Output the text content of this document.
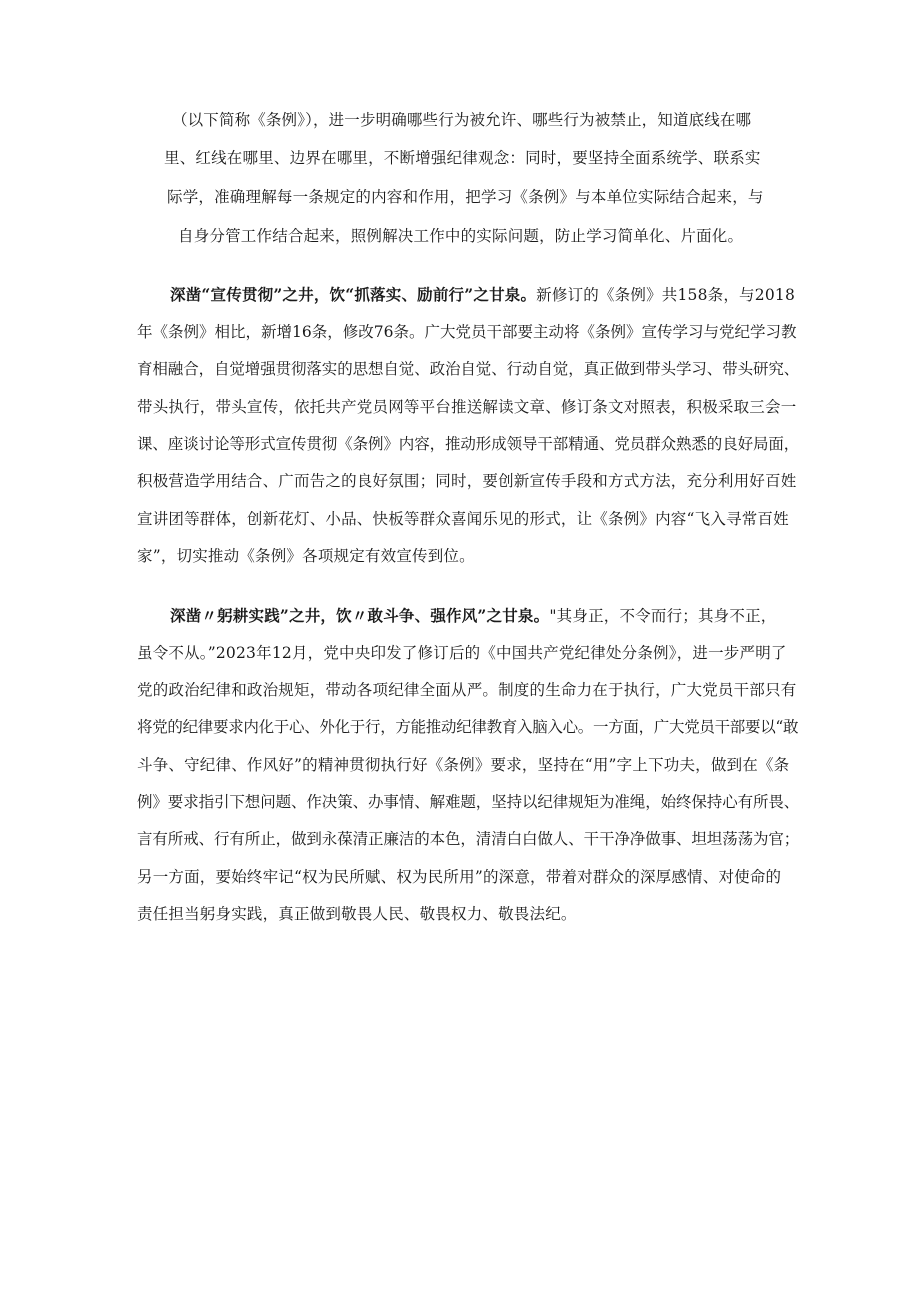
（以下简称《条例》），进一步明确哪些行为被允许、哪些行为被禁止，知道底线在哪
里、红线在哪里、边界在哪里，不断增强纪律观念：同时，要坚持全面系统学、联系实
际学，准确理解每一条规定的内容和作用，把学习《条例》与本单位实际结合起来，与
自身分管工作结合起来，照例解决工作中的实际问题，防止学习简单化、片面化。
深凿“宣传贯彻”之井，饮“抓落实、励前行”之甘泉。新修订的《条例》共158条，与2018
年《条例》相比，新增16条，修改76条。广大党员干部要主动将《条例》宣传学习与党纪学习教
育相融合，自觉增强贯彻落实的思想自觉、政治自觉、行动自觉，真正做到带头学习、带头研究、
带头执行，带头宣传，依托共产党员网等平台推送解读文章、修订条文对照表，积极采取三会一
课、座谈讨论等形式宣传贯彻《条例》内容，推动形成领导干部精通、党员群众熟悉的良好局面，
积极营造学用结合、广而告之的良好氛围；同时，要创新宣传手段和方式方法，充分利用好百姓
宣讲团等群体，创新花灯、小品、快板等群众喜闻乐见的形式，让《条例》内容“飞入寻常百姓
家”，切实推动《条例》各项规定有效宣传到位。
深凿〃躬耕实践”之井，饮〃敢斗争、强作风”之甘泉。"其身正，不令而行；其身不正，
虽令不从。”2023年12月，党中央印发了修订后的《中国共产党纪律处分条例》，进一步严明了
党的政治纪律和政治规矩，带动各项纪律全面从严。制度的生命力在于执行，广大党员干部只有
将党的纪律要求内化于心、外化于行，方能推动纪律教育入脑入心。一方面，广大党员干部要以“敢
斗争、守纪律、作风好”的精神贯彻执行好《条例》要求，坚持在“用”字上下功夫，做到在《条
例》要求指引下想问题、作决策、办事情、解难题，坚持以纪律规矩为准绳，始终保持心有所畏、
言有所戒、行有所止，做到永葆清正廉洁的本色，清清白白做人、干干净净做事、坦坦荡荡为官；
另一方面，要始终牢记“权为民所赋、权为民所用”的深意，带着对群众的深厚感情、对使命的
责任担当躬身实践，真正做到敬畏人民、敬畏权力、敬畏法纪。
